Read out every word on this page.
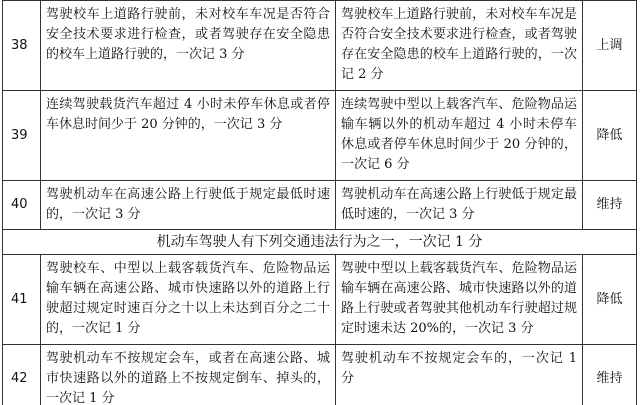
38	驾驶校车上道路行驶前，未对校车车况是否符合安全技术要求进行检查，或者驾驶存在安全隐患的校车上道路行驶的，一次记 3 分	驾驶校车上道路行驶前，未对校车车况是否符合安全技术要求进行检查，或者驾驶存在安全隐患的校车上道路行驶的，一次记 2 分	上调
39	连续驾驶载货汽车超过 4 小时未停车休息或者停车休息时间少于 20 分钟的，一次记 3 分	连续驾驶中型以上载客汽车、危险物品运输车辆以外的机动车超过 4 小时未停车休息或者停车休息时间少于 20 分钟的，一次记 6 分	降低
40	驾驶机动车在高速公路上行驶低于规定最低时速的，一次记 3 分	驾驶机动车在高速公路上行驶低于规定最低时速的，一次记 3 分	维持
机动车驾驶人有下列交通违法行为之一，一次记 1 分			
41	驾驶校车、中型以上载客载货汽车、危险物品运输车辆在高速公路、城市快速路以外的道路上行驶超过规定时速百分之十以上未达到百分之二十的，一次记 1 分	驾驶中型以上载客载货汽车、危险物品运输车辆在高速公路、城市快速路以外的道路上行驶或者驾驶其他机动车行驶超过规定时速未达 20%的，一次记 3 分	降低
42	驾驶机动车不按规定会车，或者在高速公路、城市快速路以外的道路上不按规定倒车、掉头的，一次记 1 分	驾驶机动车不按规定会车的，一次记 1 分	维持
